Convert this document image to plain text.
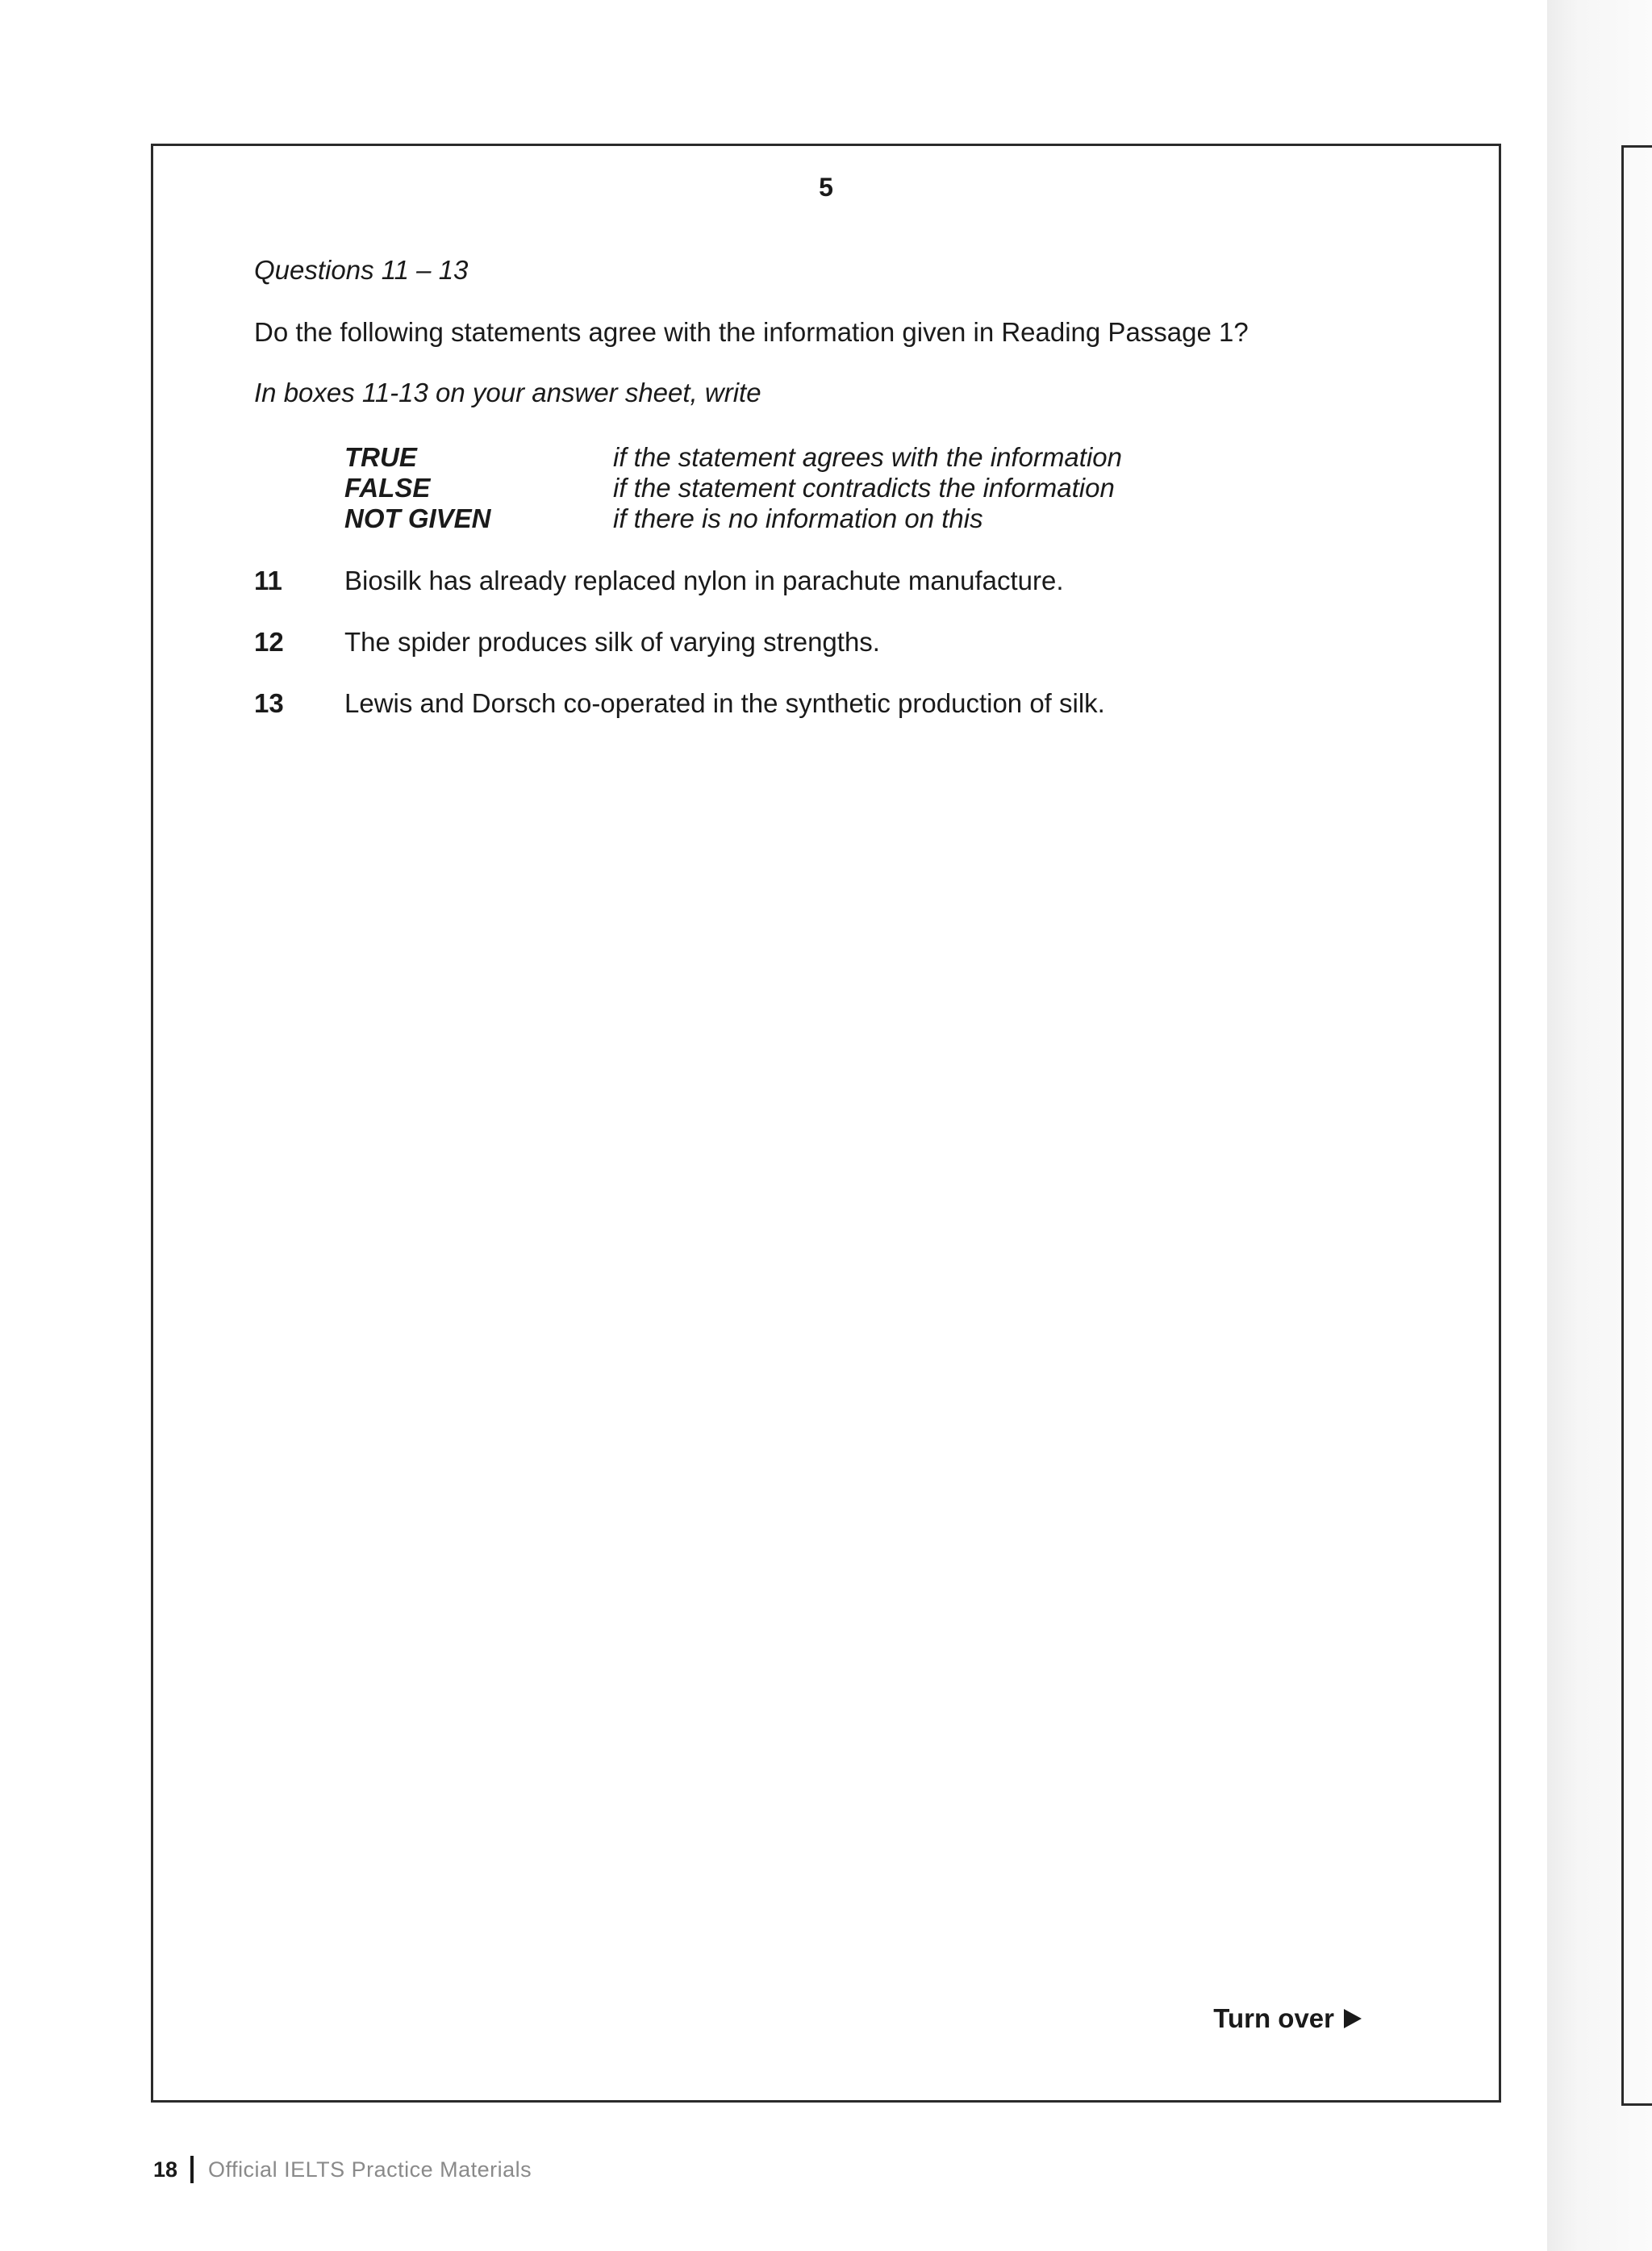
5
Questions 11 – 13
Do the following statements agree with the information given in Reading Passage 1?
In boxes 11-13 on your answer sheet, write
TRUE	if the statement agrees with the information
FALSE	if the statement contradicts the information
NOT GIVEN	if there is no information on this
11	Biosilk has already replaced nylon in parachute manufacture.
12	The spider produces silk of varying strengths.
13	Lewis and Dorsch co-operated in the synthetic production of silk.
Turn over
18 Official IELTS Practice Materials
